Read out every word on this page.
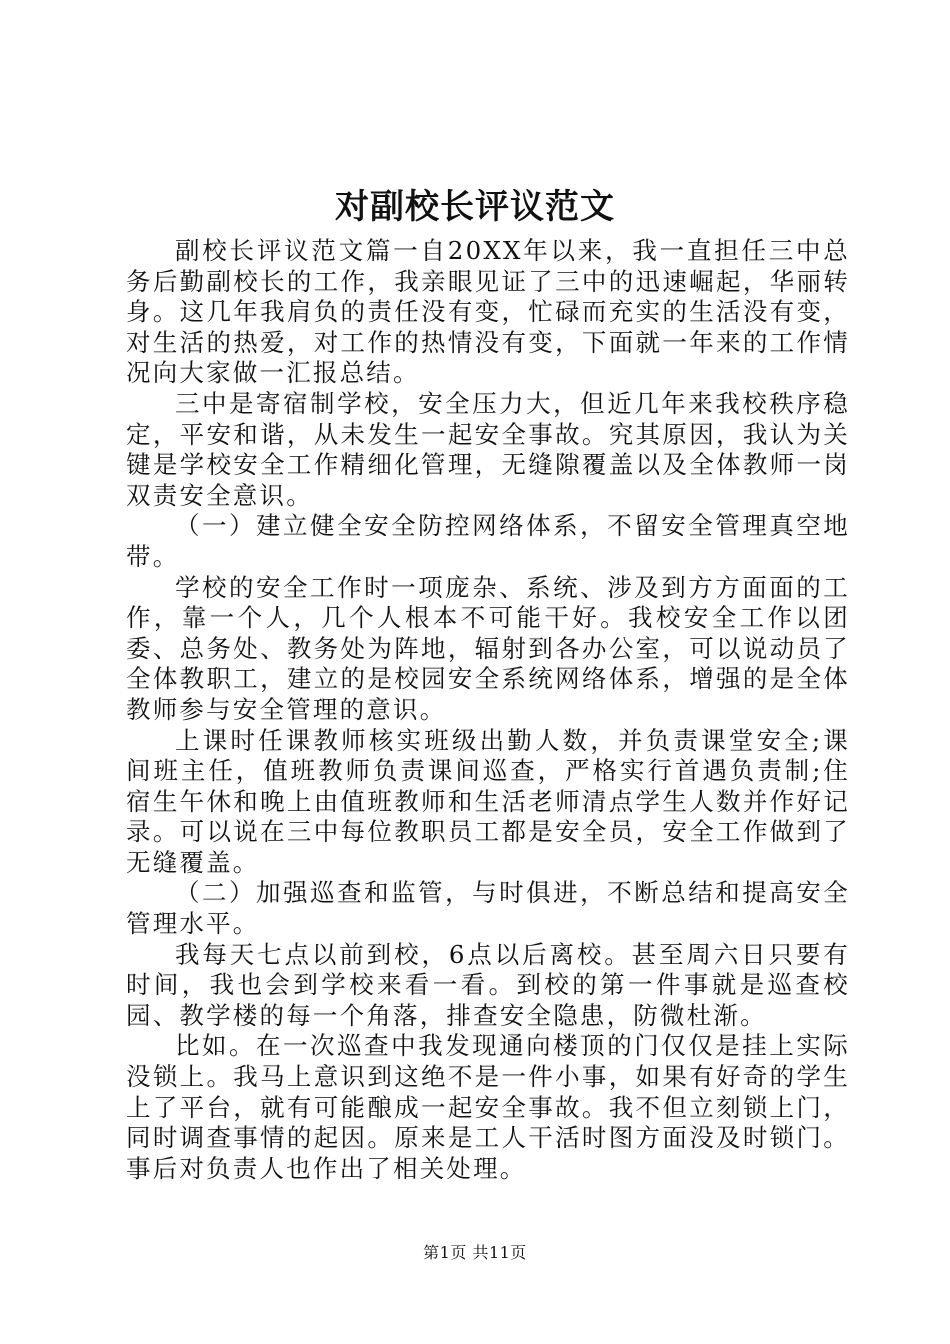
对副校长评议范文

副校长评议范文篇一自20XX年以来，我一直担任三中总务后勤副校长的工作，我亲眼见证了三中的迅速崛起，华丽转身。这几年我肩负的责任没有变，忙碌而充实的生活没有变，对生活的热爱，对工作的热情没有变，下面就一年来的工作情况向大家做一汇报总结。

三中是寄宿制学校，安全压力大，但近几年来我校秩序稳定，平安和谐，从未发生一起安全事故。究其原因，我认为关键是学校安全工作精细化管理，无缝隙覆盖以及全体教师一岗双责安全意识。

（一）建立健全安全防控网络体系，不留安全管理真空地带。

学校的安全工作时一项庞杂、系统、涉及到方方面面的工作，靠一个人，几个人根本不可能干好。我校安全工作以团委、总务处、教务处为阵地，辐射到各办公室，可以说动员了全体教职工，建立的是校园安全系统网络体系，增强的是全体教师参与安全管理的意识。

上课时任课教师核实班级出勤人数，并负责课堂安全;课间班主任，值班教师负责课间巡查，严格实行首遇负责制;住宿生午休和晚上由值班教师和生活老师清点学生人数并作好记录。可以说在三中每位教职员工都是安全员，安全工作做到了无缝覆盖。

（二）加强巡查和监管，与时俱进，不断总结和提高安全管理水平。

我每天七点以前到校，6点以后离校。甚至周六日只要有时间，我也会到学校来看一看。到校的第一件事就是巡查校园、教学楼的每一个角落，排查安全隐患，防微杜渐。

比如。在一次巡查中我发现通向楼顶的门仅仅是挂上实际没锁上。我马上意识到这绝不是一件小事，如果有好奇的学生上了平台，就有可能酿成一起安全事故。我不但立刻锁上门，同时调查事情的起因。原来是工人干活时图方面没及时锁门。事后对负责人也作出了相关处理。

第1页 共11页
